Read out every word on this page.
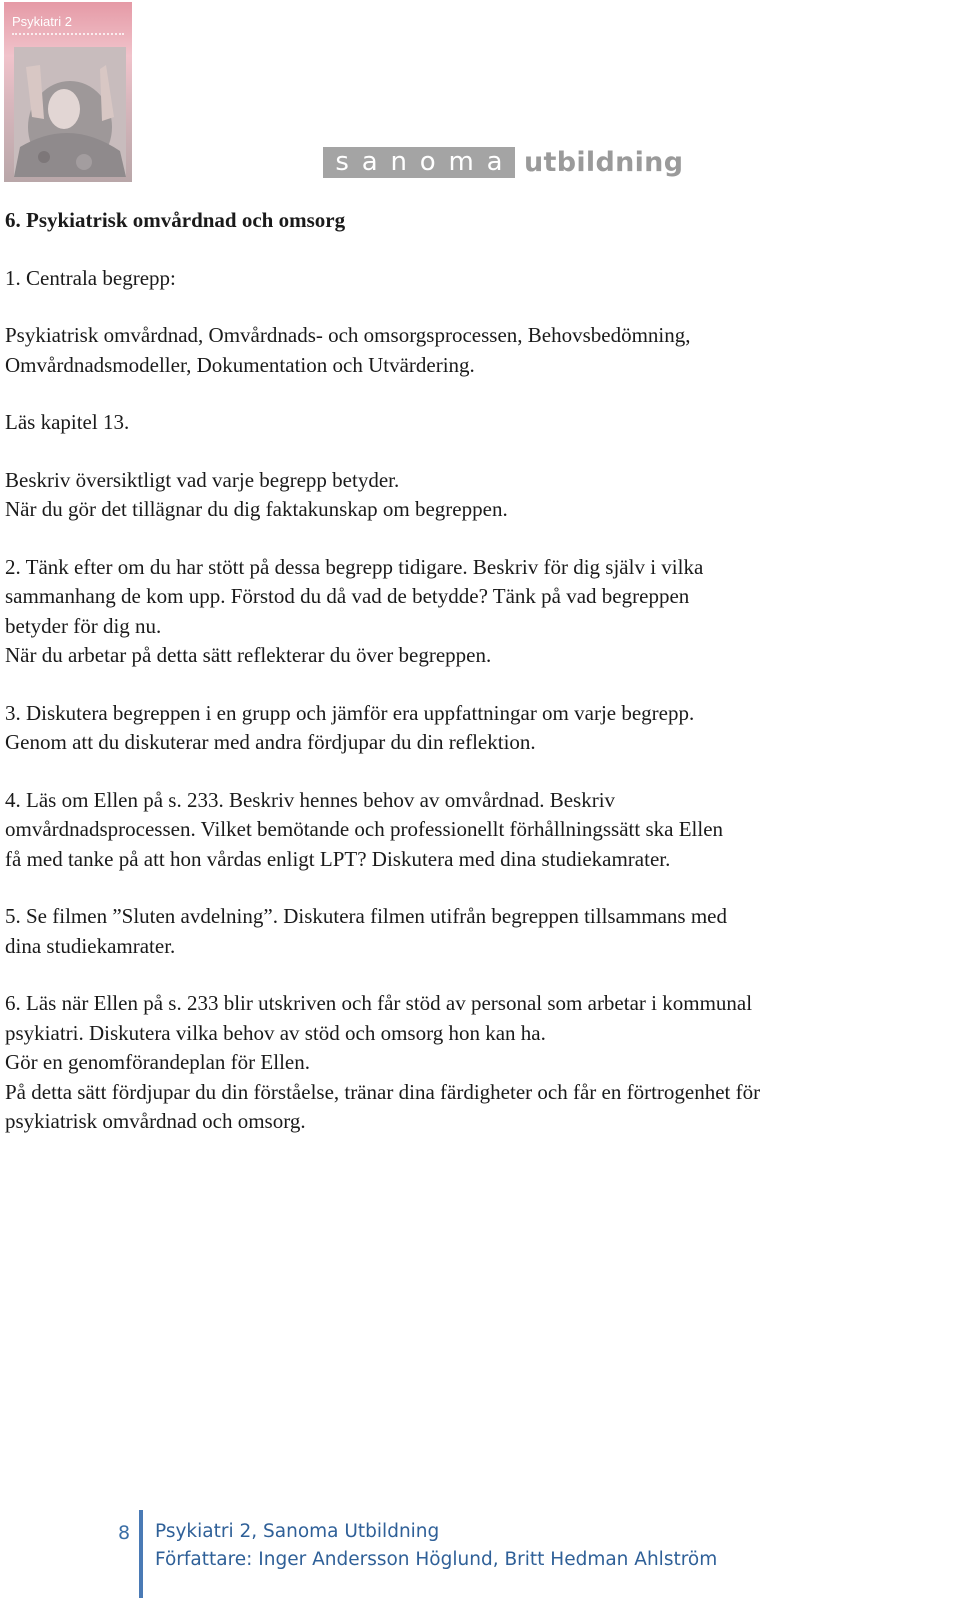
Psykiatri 2
s a n o m a utbildning

6. Psykiatrisk omvårdnad och omsorg

1. Centrala begrepp:

Psykiatrisk omvårdnad, Omvårdnads- och omsorgsprocessen, Behovsbedömning,

Omvårdnadsmodeller, Dokumentation och Utvärdering.

Läs kapitel 13.

Beskriv översiktligt vad varje begrepp betyder.

När du gör det tillägnar du dig faktakunskap om begreppen.

2. Tänk efter om du har stött på dessa begrepp tidigare. Beskriv för dig själv i vilka

sammanhang de kom upp. Förstod du då vad de betydde? Tänk på vad begreppen

betyder för dig nu.

När du arbetar på detta sätt reflekterar du över begreppen.

3. Diskutera begreppen i en grupp och jämför era uppfattningar om varje begrepp.

Genom att du diskuterar med andra fördjupar du din reflektion.

4. Läs om Ellen på s. 233. Beskriv hennes behov av omvårdnad. Beskriv

omvårdnadsprocessen. Vilket bemötande och professionellt förhållningssätt ska Ellen

få med tanke på att hon vårdas enligt LPT? Diskutera med dina studiekamrater.

5. Se filmen ”Sluten avdelning”. Diskutera filmen utifrån begreppen tillsammans med

dina studiekamrater.

6. Läs när Ellen på s. 233 blir utskriven och får stöd av personal som arbetar i kommunal

psykiatri. Diskutera vilka behov av stöd och omsorg hon kan ha.

Gör en genomförandeplan för Ellen.

På detta sätt fördjupar du din förståelse, tränar dina färdigheter och får en förtrogenhet för

psykiatrisk omvårdnad och omsorg.

8 Psykiatri 2, Sanoma Utbildning
Författare: Inger Andersson Höglund, Britt Hedman Ahlström
